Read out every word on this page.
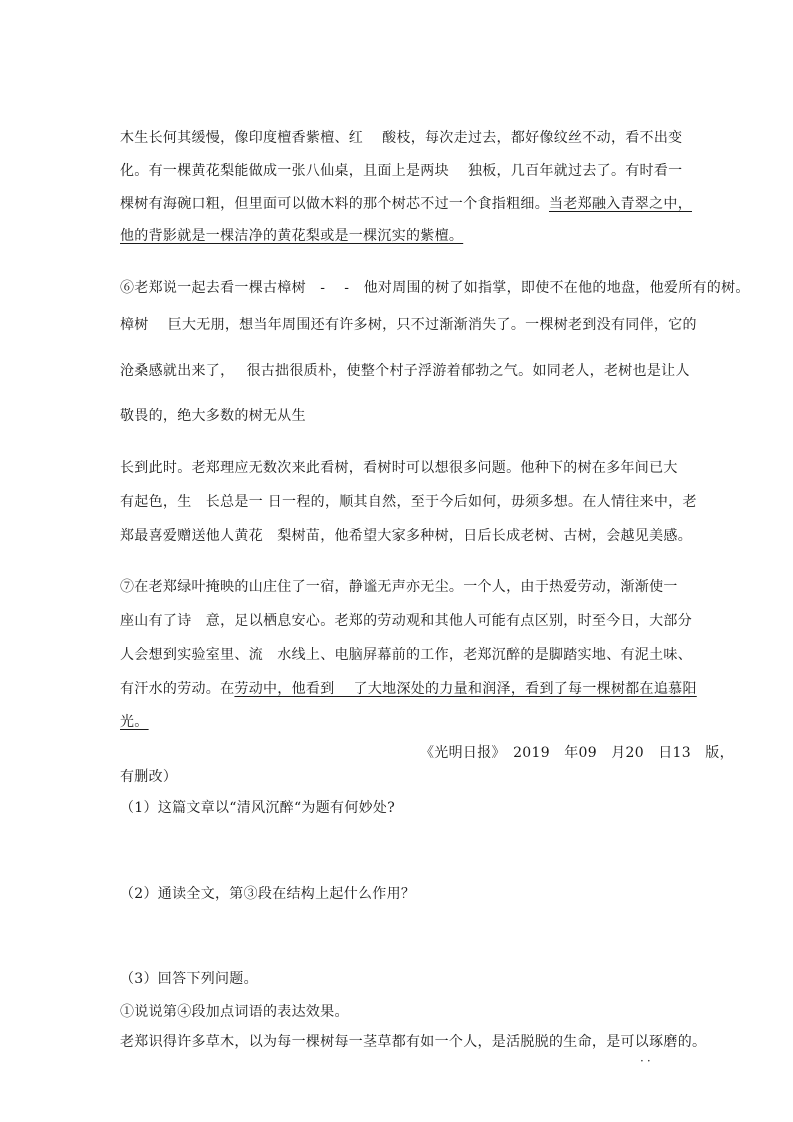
木生长何其缓慢，像印度檀香紫檀、红　 酸枝，每次走过去，都好像纹丝不动，看不出变
化。有一棵黄花梨能做成一张八仙桌，且面上是两块　 独板，几百年就过去了。有时看一
棵树有海碗口粗，但里面可以做木料的那个树芯不过一个食指粗细。当老郑融入青翠之中，
他的背影就是一棵洁净的黄花梨或是一棵沉实的紫檀。
⑥老郑说一起去看一棵古樟树　-　 -　他对周围的树了如指掌，即使不在他的地盘，他爱所有的树。
樟树　 巨大无朋，想当年周围还有许多树，只不过渐渐消失了。一棵树老到没有同伴，它的
沧桑感就出来了，　 很古拙很质朴，使整个村子浮游着郁勃之气。如同老人，老树也是让人
敬畏的，绝大多数的树无从生
长到此时。老郑理应无数次来此看树，看树时可以想很多问题。他种下的树在多年间已大
有起色，生　长总是一 日一程的，顺其自然，至于今后如何，毋须多想。在人情往来中，老
郑最喜爱赠送他人黄花　梨树苗，他希望大家多种树，日后长成老树、古树，会越见美感。
⑦在老郑绿叶掩映的山庄住了一宿，静谧无声亦无尘。一个人，由于热爱劳动，渐渐使一
座山有了诗　意，足以栖息安心。老郑的劳动观和其他人可能有点区别，时至今日，大部分
人会想到实验室里、流　水线上、电脑屏幕前的工作，老郑沉醉的是脚踏实地、有泥土味、
有汗水的劳动。在劳动中，他看到　 了大地深处的力量和润泽，看到了每一棵树都在追慕阳
光。
《光明日报》　2019　年09　月20　日13　版，
有删改）
（1）这篇文章以“清风沉醉“为题有何妙处?
（2）通读全文，第③段在结构上起什么作用？
（3）回答下列问题。
①说说第④段加点词语的表达效果。
老郑识得许多草木，以为每一棵树每一茎草都有如一个人，是活脱脱的生命，是可以琢磨的。
··
